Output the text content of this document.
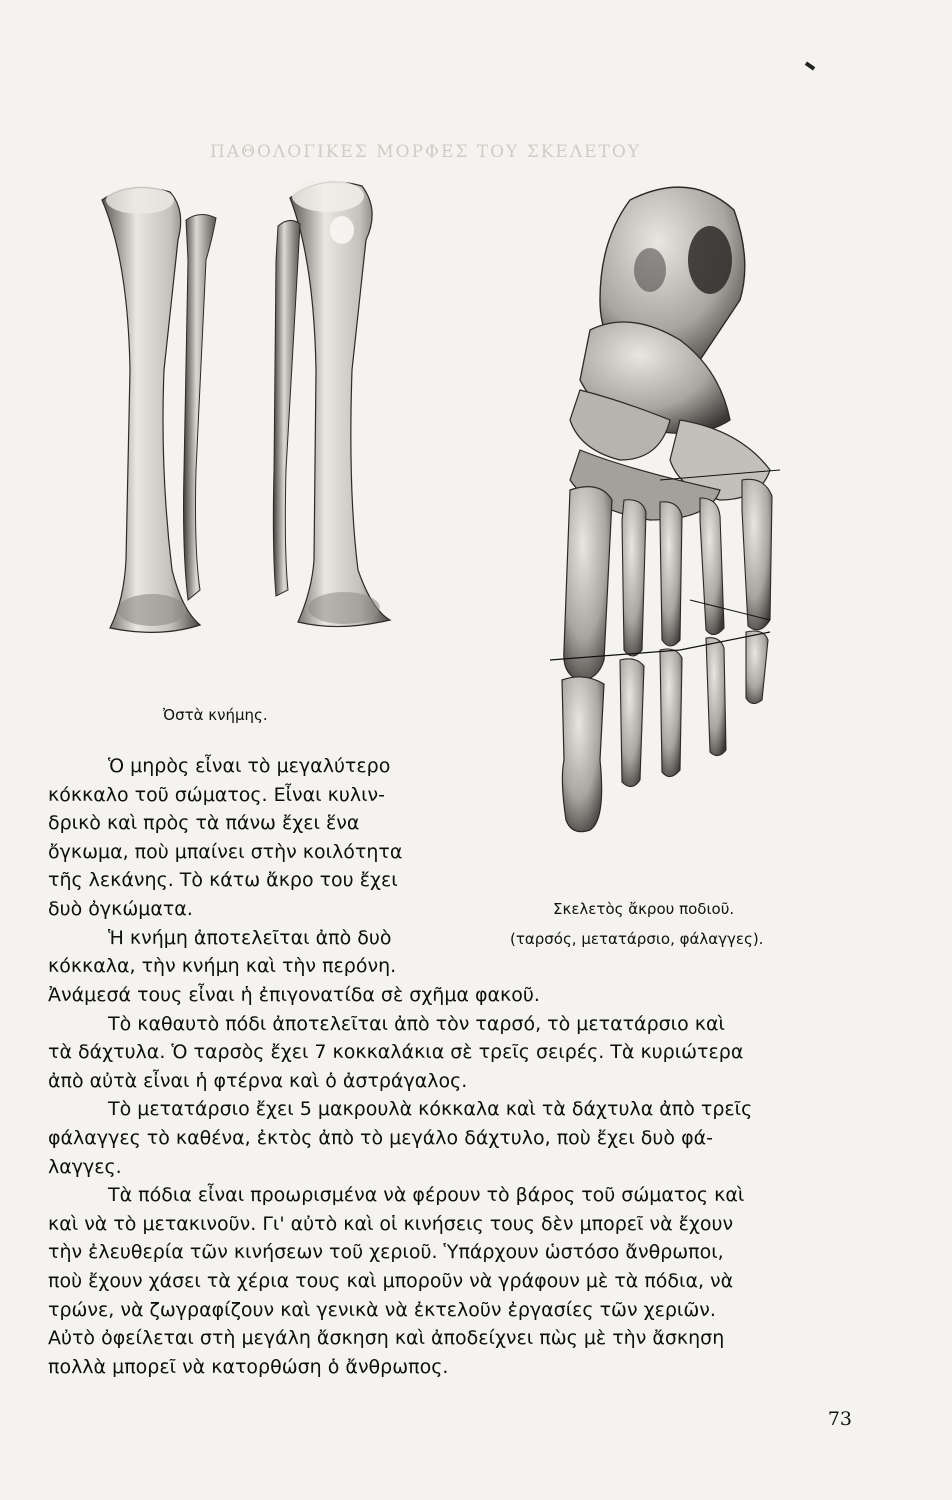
ΠΑΘΟΛΟΓΙΚΕΣ ΜΟΡΦΕΣ ΤΟΥ ΣΚΕΛΕΤΟΥ
Ὀστὰ κνήμης.
Σκελετὸς ἄκρου ποδιοῦ.
(ταρσός, μετατάρσιο, φάλαγγες).
Ὁ μηρὸς εἶναι τὸ μεγαλύτερο
κόκκαλο τοῦ σώματος. Εἶναι κυλιν-
δρικὸ καὶ πρὸς τὰ πάνω ἔχει ἕνα
ὄγκωμα, ποὺ μπαίνει στὴν κοιλότητα
τῆς λεκάνης. Τὸ κάτω ἄκρο του ἔχει
δυὸ ὀγκώματα.
Ἡ κνήμη ἀποτελεῖται ἀπὸ δυὸ
κόκκαλα, τὴν κνήμη καὶ τὴν περόνη.
Ἀνάμεσά τους εἶναι ἡ ἐπιγονατίδα σὲ σχῆμα φακοῦ.
Τὸ καθαυτὸ πόδι ἀποτελεῖται ἀπὸ τὸν ταρσό, τὸ μετατάρσιο καὶ
τὰ δάχτυλα. Ὁ ταρσὸς ἔχει 7 κοκκαλάκια σὲ τρεῖς σειρές. Τὰ κυριώτερα
ἀπὸ αὐτὰ εἶναι ἡ φτέρνα καὶ ὁ ἀστράγαλος.
Τὸ μετατάρσιο ἔχει 5 μακρουλὰ κόκκαλα καὶ τὰ δάχτυλα ἀπὸ τρεῖς
φάλαγγες τὸ καθένα, ἐκτὸς ἀπὸ τὸ μεγάλο δάχτυλο, ποὺ ἔχει δυὸ φά-
λαγγες.
Τὰ πόδια εἶναι προωρισμένα νὰ φέρουν τὸ βάρος τοῦ σώματος καὶ
καὶ νὰ τὸ μετακινοῦν. Γι' αὐτὸ καὶ οἱ κινήσεις τους δὲν μπορεῖ νὰ ἔχουν
τὴν ἐλευθερία τῶν κινήσεων τοῦ χεριοῦ. Ὑπάρχουν ὡστόσο ἄνθρωποι,
ποὺ ἔχουν χάσει τὰ χέρια τους καὶ μποροῦν νὰ γράφουν μὲ τὰ πόδια, νὰ
τρώνε, νὰ ζωγραφίζουν καὶ γενικὰ νὰ ἐκτελοῦν ἐργασίες τῶν χεριῶν.
Αὐτὸ ὀφείλεται στὴ μεγάλη ἄσκηση καὶ ἀποδείχνει πὼς μὲ τὴν ἄσκηση
πολλὰ μπορεῖ νὰ κατορθώση ὁ ἄνθρωπος.
73
